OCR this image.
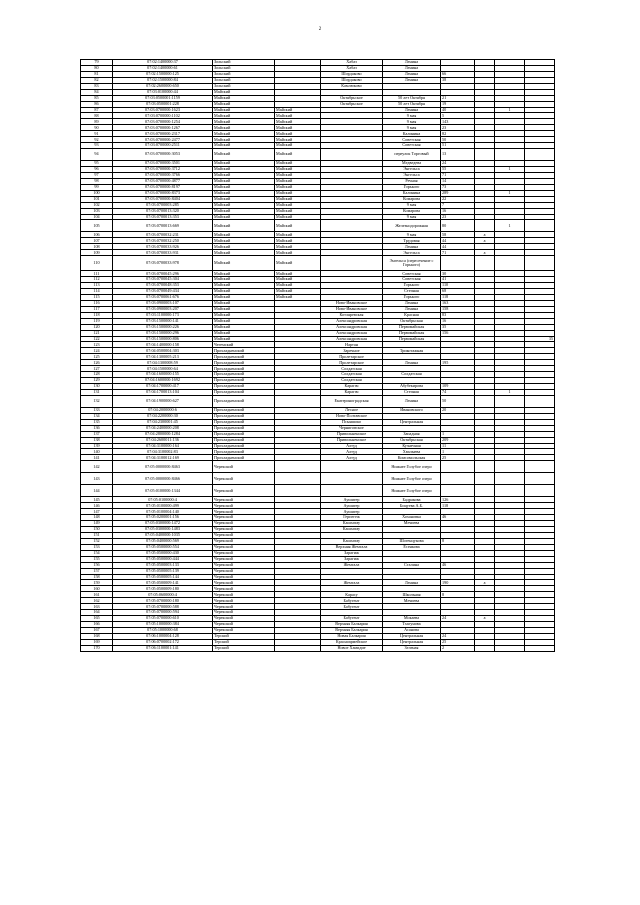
2
79	07:02:1400000:37	Зольский		Хабаз	Ленина				
80	07:02:1400000:61	Зольский		Хабаз	Ленина				
81	07:02:1500000:125	Зольский		Шордаково	Ленина	66			
82	07:02:1500000:84	Зольский		Шордаково	Ленина	38			
83	07:02:2600000:650	Зольский		Камлюково					
84	07:03:0100000:44	Майский							
85	07:03:0500001:1159	Майский		Октябрьское	50 лет Октября	21			
86	07:03:0500001:228	Майский		Октябрьское	50 лет Октября	19			
87	07:03:0700000:1623	Майский	Майский		Ленина	40		1	
88	07:03:0700000:1102	Майский	Майский		9 мая	5			
89	07:03:0700000:1254	Майский	Майский		9 мая	143			
90	07:03:0700000:1267	Майский	Майский		9 мая	23			
91	07:03:0700000:2317	Майский	Майский		Калинина	82			
92	07:03:0700000:2477	Майский	Майский		Советская	50			
93	07:03:0700000:2511	Майский	Майский		Советская	51			
94	07:03:0700000:3053	Майский	Майский		переулок Торговый	13			
95	07:03:0700000:3501	Майский	Майский		Медведева	24			
96	07:03:0700000:3712	Майский	Майский		Энгельса	55		1	
97	07:03:0700000:3766	Майский	Майский		Энгельса	71			
98	07:03:0700000:4877	Майский	Майский		Речная	14			
99	07:03:0700000:8197	Майский	Майский		Горького	73			
100	07:03:0700000:8373	Майский	Майский		Калинина	289		1	
101	07:03:0700000:8404	Майский	Майский		Комарова	22			
102	07:03:0700003:285	Майский	Майский		9 мая	7			
103	07:03:0700013:320	Майский	Майский		Комарова	16			
104	07:03:0700013:353	Майский	Майский		9 мая	23			
105	07:03:0700013:669	Майский	Майский		Железнодорожная	80		1	
106	07:03:0700032:231	Майский	Майский		9 мая	58	а		
107	07:03:0700032:250	Майский	Майский		Трудовая	44	а		
108	07:03:0700033:926	Майский	Майский		Ленина	44			
109	07:03:0700033:931	Майский	Майский		Энгельса	71	а		
110	07:03:0700033:978	Майский	Майский		Энгельса (пересечение с Горького)				
111	07:03:0700045:296	Майский	Майский		Советская	30			
112	07:03:0700045:304	Майский	Майский		Советская	41			
113	07:03:0700048:353	Майский	Майский		Горького	110			
114	07:03:0700049:434	Майский	Майский		Степная	68			
115	07:03:0700061:676	Майский	Майский		Горького	118			
116	07:03:0900003:107	Майский		Ново-Ивановское	Ленина	163			
117	07:03:0900003:207	Майский		Ново-Ивановское	Ленина	158			
118	07:03:1100000:173	Майский		Котляревская	Красная	83			
119	07:03:1500000:141	Майский		Александровская	Октябрьская	16			
120	07:03:1500000:226	Майский		Александровская	Первомайская	35			
121	07:03:1500000:296	Майский		Александровская	Первомайская	156			
122	07:03:1500000:806	Майский		Александровская	Первомайская				35
123	07:04:1400000:158	Чегемский		Нартан					
124	07:04:0500004:303	Прохладненский		Заречное	Трикотажная				
125	07:04:1300005:213	Прохладненский		Пролетарское					
126	07:04:1300008:59	Прохладненский		Пролетарское	Ленина	195			
127	07:04:1500000:64	Прохладненский		Солдатская					
128	07:04:1600000:155	Прохладненский		Солдатская	Солдатская				
129	07:04:1600000:1692	Прохладненский		Солдатская					
130	07:04:1700000:417	Прохладненский		Карагач	Абубекирова	109			
131	07:04:1700013:104	Прохладненский		Карагач	Степная	74		1	
132	07:04:1900000:627	Прохладненский		Екатериноградская	Ленина	50			
133	07:04:2000000:6	Прохладненский		Лесное	Ивановского	20			
134	07:04:2200000:30	Прохладненский		Ново-Полтавское					
135	07:04:2300001:45	Прохладненский		Псыншоко	Центральная				
136	07:04:2400000:208	Прохладненский		Черниговское					
137	07:04:2800000:1284	Прохладненский		Привольненское	Западная	1			
138	07:04:2600011:136	Прохладненский		Привольненское	Октябрьская	209			
139	07:04:3100000:164	Прохладненский		Алтуд	Кузнечная	11			
140	07:04:3100002:83	Прохладненский		Алтуд	Хвалыева	1			
141	07:04:3100012:169	Прохладненский		Алтуд	Комсомольская	25			
142	07:05:0000000:8463	Черекский			Нижнее Голубое озеро				
143	07:05:0000000:8466	Черекский			Нижнее Голубое озеро				
144	07:05:0100000:1344	Черекский			Нижнее Голубое озеро				
145	07:05:0100000:4	Черекский		Аушигер	Бадракова	126			
146	07:05:0100000:499	Черекский		Аушигер	Бицуева А.Б.	118			
147	07:05:0100004:140	Черекский		Аушигер					
148	07:05:0200001:156	Черекский		Герпегеж	Хохановка	46			
149	07:05:0300000:1472	Черекский		Кашхатау	Мечиева				
150	07:05:0300000:1483	Черекский		Кашхатау					
151	07:05:0400000:1035	Черекский							
152	07:05:0400000:569	Черекский		Кашхатау	Шогенцукова	8			
153	07:05:0500000:554	Черекский		Верхняя Жемтала	Есенкова				
154	07:05:0500000:430	Черекский		Зарагиж					
155	07:05:0500000:444	Черекский		Зарагиж					
156	07:05:0500003:133	Черекский		Жемтала	Сталина	46			
157	07:05:0500005:139	Черекский							
158	07:05:0500005:144	Черекский							
159	07:05:0500009:141	Черекский		Жемтала	Ленина	190	а		
160	07:05:0500009:180	Черекский							
161	07:05:0600000:4	Черекский		Карасу	Школьная	8			
162	07:05:0700000:180	Черекский		Бабугент	Мечиева				
163	07:05:0700000:588	Черекский		Бабугент					
164	07:05:0700000:594	Черекский							
165	07:05:0700000:610	Черекский		Бабугент	Мокаева	24	а		
166	07:05:1000000:384	Черекский		Верхняя Балкария	Тхагунова				
167	07:05:1000000:68	Черекский		Верхняя Балкария	Асанова				
168	07:06:1000004:128	Терский		Новая Балкария	Центральная	24			
169	07:06:0700002:172	Терский		Красноармейское	Центральная	25			
170	07:06:1100001:141	Терский		Новое Хамидие	Зеленая	2			
